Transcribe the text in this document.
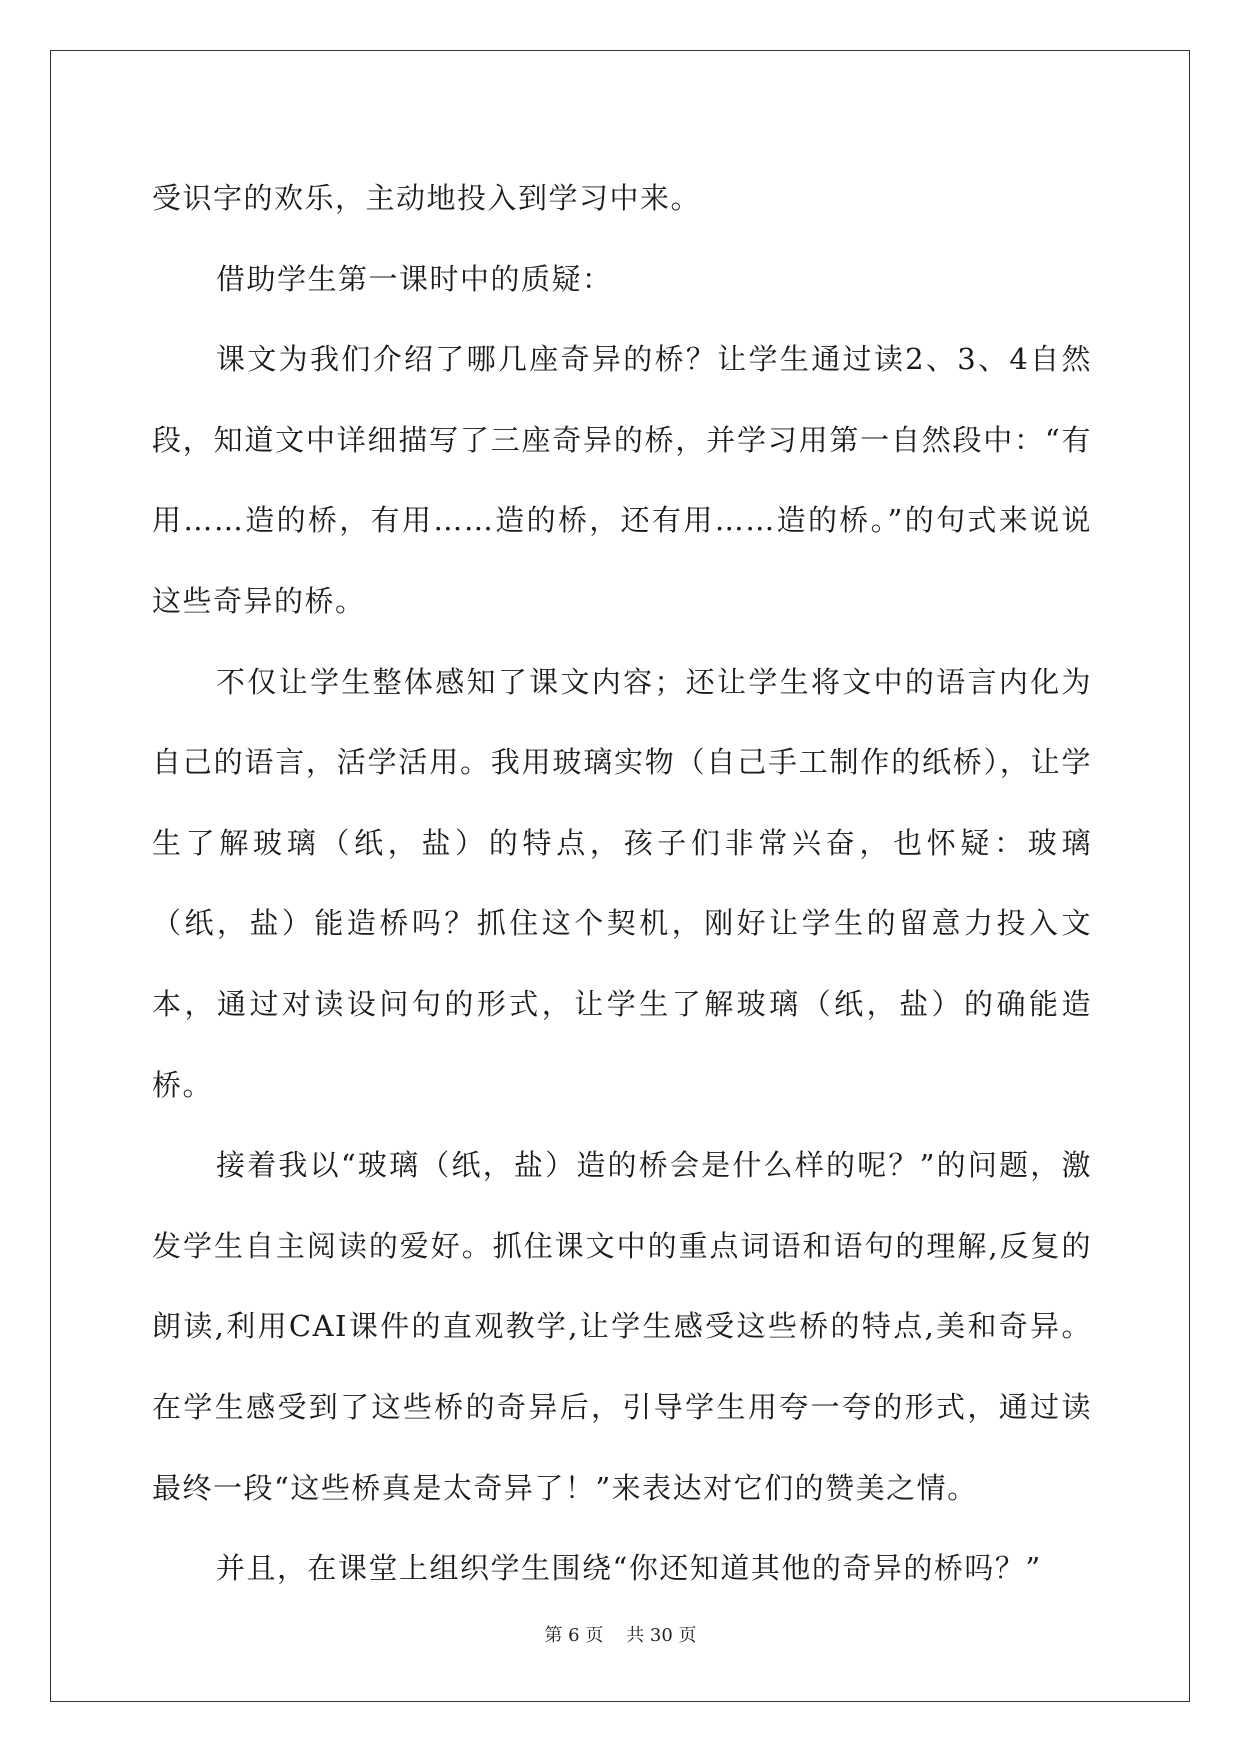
受识字的欢乐，主动地投入到学习中来。

借助学生第一课时中的质疑：

课文为我们介绍了哪几座奇异的桥？让学生通过读2、3、4自然段，知道文中详细描写了三座奇异的桥，并学习用第一自然段中：“有用……造的桥，有用……造的桥，还有用……造的桥。”的句式来说说这些奇异的桥。

不仅让学生整体感知了课文内容；还让学生将文中的语言内化为自己的语言，活学活用。我用玻璃实物（自己手工制作的纸桥），让学生了解玻璃（纸，盐）的特点，孩子们非常兴奋，也怀疑：玻璃（纸，盐）能造桥吗？抓住这个契机，刚好让学生的留意力投入文本，通过对读设问句的形式，让学生了解玻璃（纸，盐）的确能造桥。

接着我以“玻璃（纸，盐）造的桥会是什么样的呢？”的问题，激发学生自主阅读的爱好。抓住课文中的重点词语和语句的理解,反复的朗读,利用CAI课件的直观教学,让学生感受这些桥的特点,美和奇异。在学生感受到了这些桥的奇异后，引导学生用夸一夸的形式，通过读最终一段“这些桥真是太奇异了！”来表达对它们的赞美之情。

并且，在课堂上组织学生围绕“你还知道其他的奇异的桥吗？”

第 6 页    共 30 页
